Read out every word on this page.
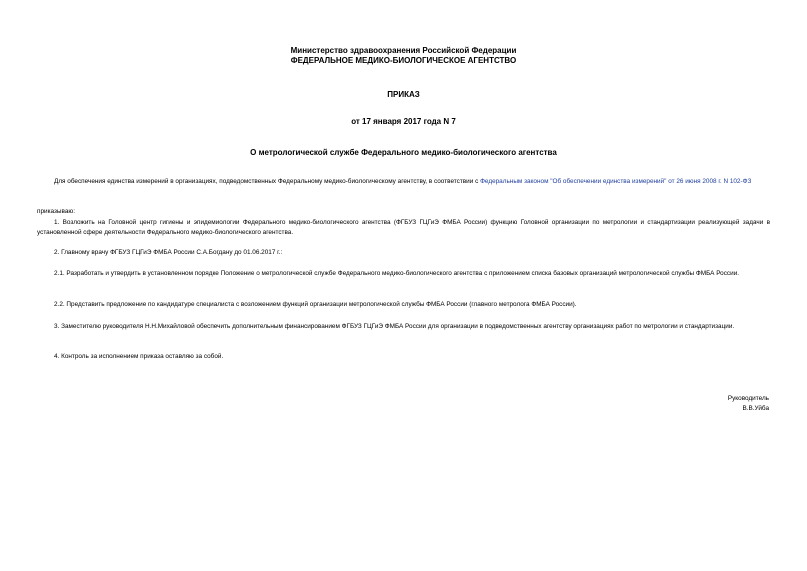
Министерство здравоохранения Российской Федерации
ФЕДЕРАЛЬНОЕ МЕДИКО-БИОЛОГИЧЕСКОЕ АГЕНТСТВО
ПРИКАЗ
от 17 января 2017 года N 7
О метрологической службе Федерального медико-биологического агентства
Для обеспечения единства измерений в организациях, подведомственных Федеральному медико-биологическому агентству, в соответствии с Федеральным законом "Об обеспечении единства измерений" от 26 июня 2008 г. N 102-ФЗ
приказываю:
1. Возложить на Головной центр гигиены и эпидемиологии Федерального медико-биологического агентства (ФГБУЗ ГЦГиЭ ФМБА России) функцию Головной организации по метрологии и стандартизации реализующей задачи в установленной сфере деятельности Федерального медико-биологического агентства.
2. Главному врачу ФГБУЗ ГЦГиЭ ФМБА России С.А.Богдану до 01.06.2017 г.:
2.1. Разработать и утвердить в установленном порядке Положение о метрологической службе Федерального медико-биологического агентства с приложением списка базовых организаций метрологической службы ФМБА России.
2.2. Представить предложение по кандидатуре специалиста с возложением функций организации метрологической службы ФМБА России (главного метролога ФМБА России).
3. Заместителю руководителя Н.Н.Михайловой обеспечить дополнительным финансированием ФГБУЗ ГЦГиЭ ФМБА России для организации в подведомственных агентству организациях работ по метрологии и стандартизации.
4. Контроль за исполнением приказа оставляю за собой.
Руководитель
В.В.Уйба
